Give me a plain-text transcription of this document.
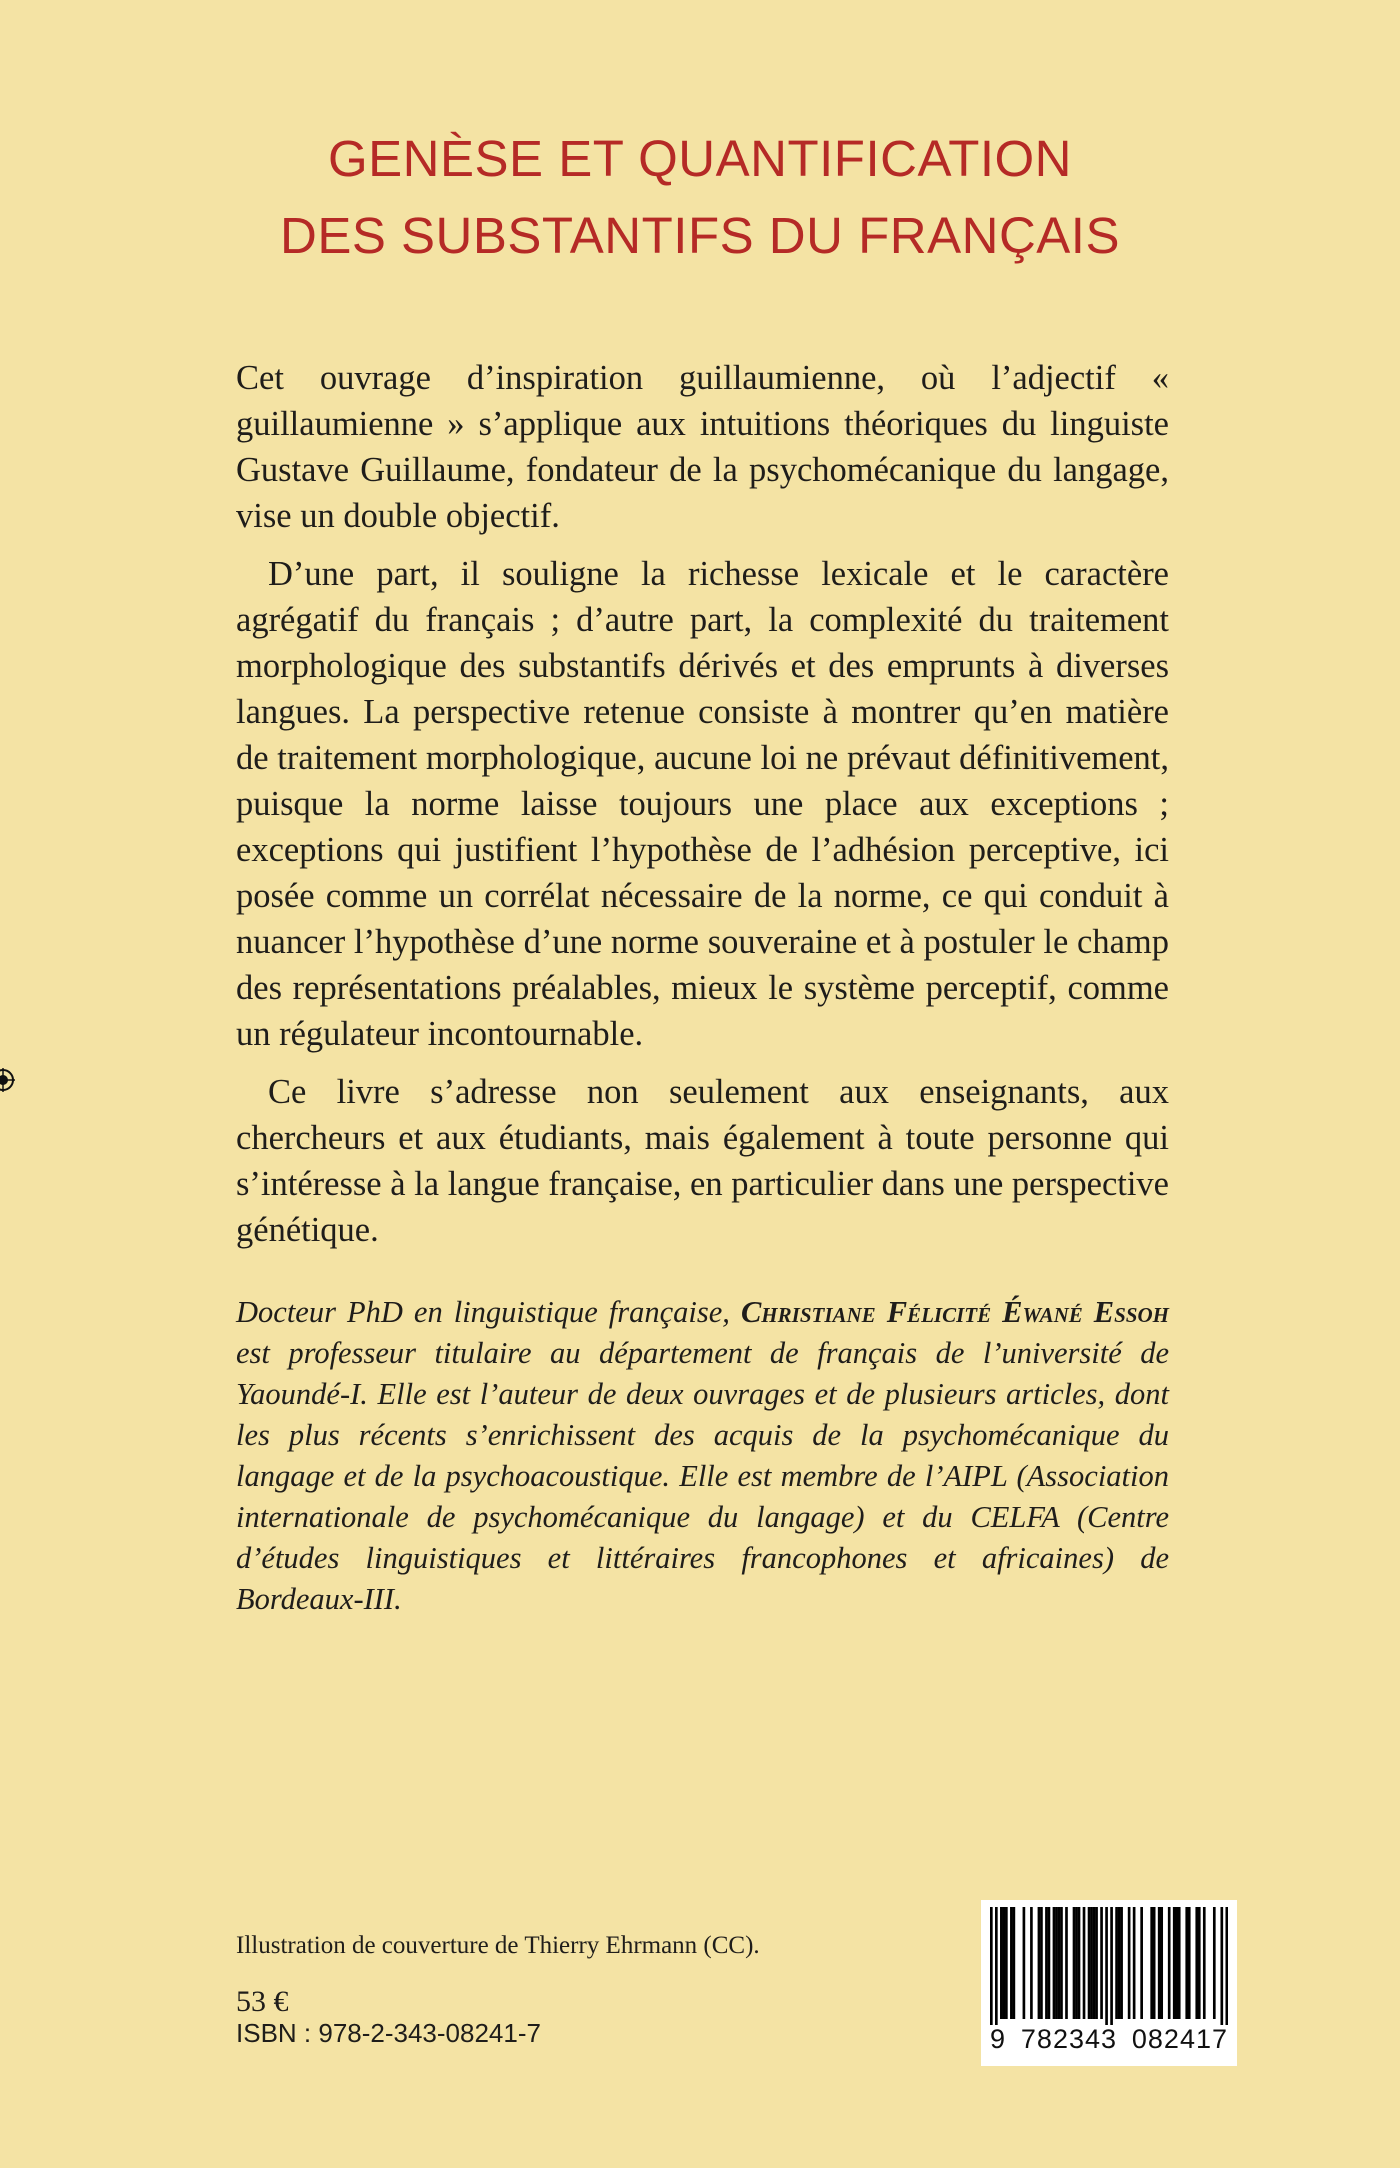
GENÈSE ET QUANTIFICATION
DES SUBSTANTIFS DU FRANÇAIS

Cet ouvrage d’inspiration guillaumienne, où l’adjectif « guillaumienne » s’applique aux intuitions théoriques du linguiste Gustave Guillaume, fondateur de la psychomécanique du langage, vise un double objectif.

D’une part, il souligne la richesse lexicale et le caractère agrégatif du français ; d’autre part, la complexité du traitement morphologique des substantifs dérivés et des emprunts à diverses langues. La perspective retenue consiste à montrer qu’en matière de traitement morphologique, aucune loi ne prévaut définitivement, puisque la norme laisse toujours une place aux exceptions ; exceptions qui justifient l’hypothèse de l’adhésion perceptive, ici posée comme un corrélat nécessaire de la norme, ce qui conduit à nuancer l’hypothèse d’une norme souveraine et à postuler le champ des représentations préalables, mieux le système perceptif, comme un régulateur incontournable.

Ce livre s’adresse non seulement aux enseignants, aux chercheurs et aux étudiants, mais également à toute personne qui s’intéresse à la langue française, en particulier dans une perspective génétique.

Docteur PhD en linguistique française, Christiane Félicité Éwané Essoh est professeur titulaire au département de français de l’université de Yaoundé-I. Elle est l’auteur de deux ouvrages et de plusieurs articles, dont les plus récents s’enrichissent des acquis de la psychomécanique du langage et de la psychoacoustique. Elle est membre de l’AIPL (Association internationale de psychomécanique du langage) et du CELFA (Centre d’études linguistiques et littéraires francophones et africaines) de Bordeaux-III.
Illustration de couverture de Thierry Ehrmann (CC).
53 €
ISBN : 978-2-343-08241-7	9 782343 082417
